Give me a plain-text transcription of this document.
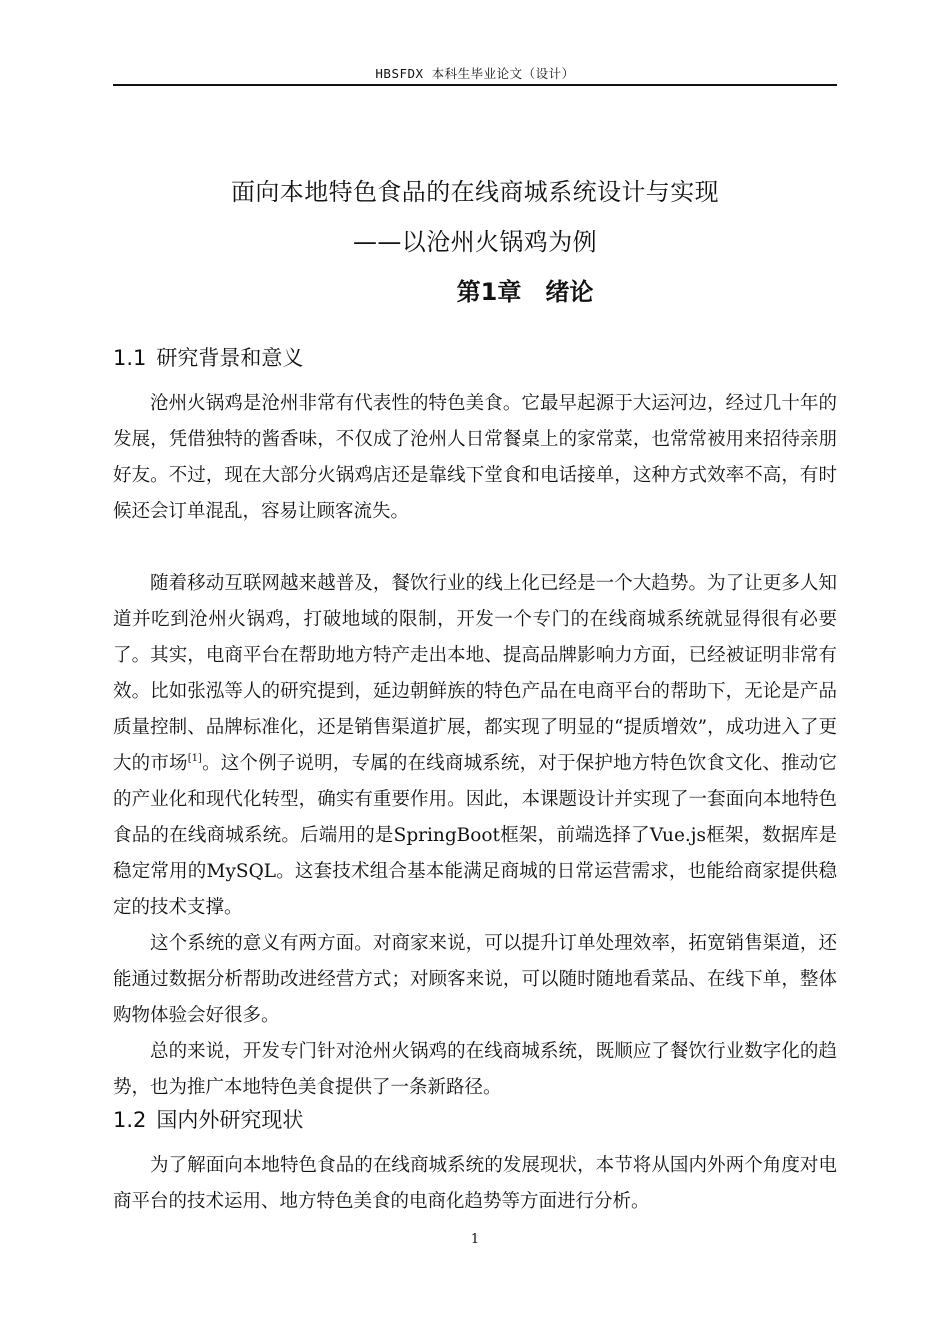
HBSFDX 本科生毕业论文（设计）
面向本地特色食品的在线商城系统设计与实现
——以沧州火锅鸡为例
第1章　绪论
1.1 研究背景和意义

沧州火锅鸡是沧州非常有代表性的特色美食。它最早起源于大运河边，经过几十年的发展，凭借独特的酱香味，不仅成了沧州人日常餐桌上的家常菜，也常常被用来招待亲朋好友。不过，现在大部分火锅鸡店还是靠线下堂食和电话接单，这种方式效率不高，有时候还会订单混乱，容易让顾客流失。

随着移动互联网越来越普及，餐饮行业的线上化已经是一个大趋势。为了让更多人知道并吃到沧州火锅鸡，打破地域的限制，开发一个专门的在线商城系统就显得很有必要了。其实，电商平台在帮助地方特产走出本地、提高品牌影响力方面，已经被证明非常有效。比如张泓等人的研究提到，延边朝鲜族的特色产品在电商平台的帮助下，无论是产品质量控制、品牌标准化，还是销售渠道扩展，都实现了明显的“提质增效”，成功进入了更大的市场[1]。这个例子说明，专属的在线商城系统，对于保护地方特色饮食文化、推动它的产业化和现代化转型，确实有重要作用。因此，本课题设计并实现了一套面向本地特色食品的在线商城系统。后端用的是SpringBoot框架，前端选择了Vue.js框架，数据库是稳定常用的MySQL。这套技术组合基本能满足商城的日常运营需求，也能给商家提供稳定的技术支撑。

这个系统的意义有两方面。对商家来说，可以提升订单处理效率，拓宽销售渠道，还能通过数据分析帮助改进经营方式；对顾客来说，可以随时随地看菜品、在线下单，整体购物体验会好很多。

总的来说，开发专门针对沧州火锅鸡的在线商城系统，既顺应了餐饮行业数字化的趋势，也为推广本地特色美食提供了一条新路径。

1.2 国内外研究现状

为了解面向本地特色食品的在线商城系统的发展现状，本节将从国内外两个角度对电商平台的技术运用、地方特色美食的电商化趋势等方面进行分析。

1
